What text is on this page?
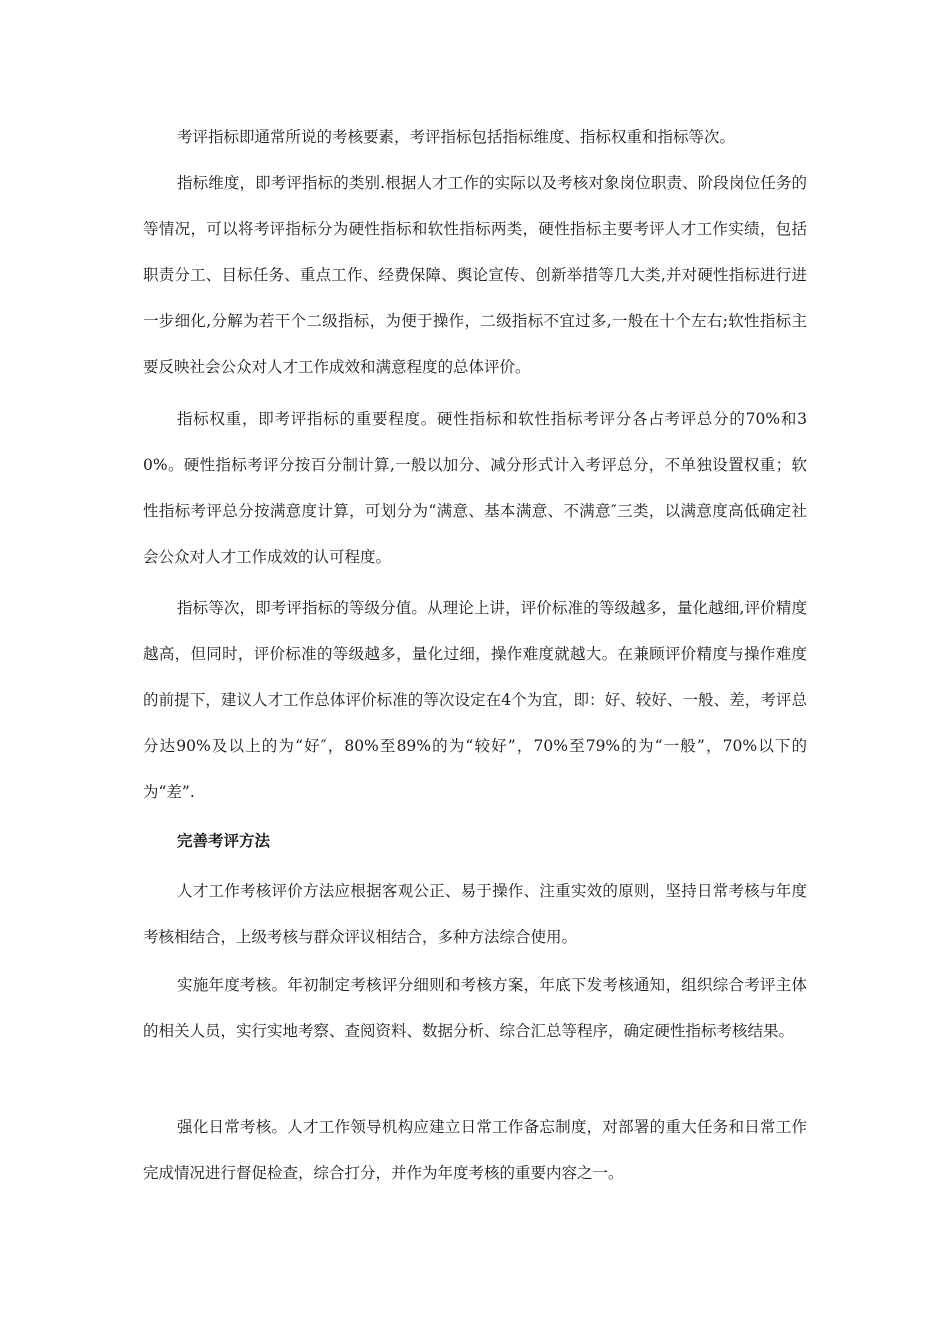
考评指标即通常所说的考核要素，考评指标包括指标维度、指标权重和指标等次。

指标维度，即考评指标的类别.根据人才工作的实际以及考核对象岗位职责、阶段岗位任务的等情况，可以将考评指标分为硬性指标和软性指标两类，硬性指标主要考评人才工作实绩，包括职责分工、目标任务、重点工作、经费保障、舆论宣传、创新举措等几大类,并对硬性指标进行进一步细化,分解为若干个二级指标，为便于操作，二级指标不宜过多,一般在十个左右;软性指标主要反映社会公众对人才工作成效和满意程度的总体评价。

指标权重，即考评指标的重要程度。硬性指标和软性指标考评分各占考评总分的70%和30%。硬性指标考评分按百分制计算,一般以加分、减分形式计入考评总分，不单独设置权重；软性指标考评总分按满意度计算，可划分为“满意、基本满意、不满意″三类，以满意度高低确定社会公众对人才工作成效的认可程度。

指标等次，即考评指标的等级分值。从理论上讲，评价标准的等级越多，量化越细,评价精度越高，但同时，评价标准的等级越多，量化过细，操作难度就越大。在兼顾评价精度与操作难度的前提下，建议人才工作总体评价标准的等次设定在4个为宜，即：好、较好、一般、差，考评总分达90%及以上的为“好″，80%至89%的为“较好”，70%至79%的为“一般”，70%以下的为“差”.

完善考评方法

人才工作考核评价方法应根据客观公正、易于操作、注重实效的原则，坚持日常考核与年度考核相结合，上级考核与群众评议相结合，多种方法综合使用。

实施年度考核。年初制定考核评分细则和考核方案，年底下发考核通知，组织综合考评主体的相关人员，实行实地考察、查阅资料、数据分析、综合汇总等程序，确定硬性指标考核结果。

强化日常考核。人才工作领导机构应建立日常工作备忘制度，对部署的重大任务和日常工作完成情况进行督促检查，综合打分，并作为年度考核的重要内容之一。
